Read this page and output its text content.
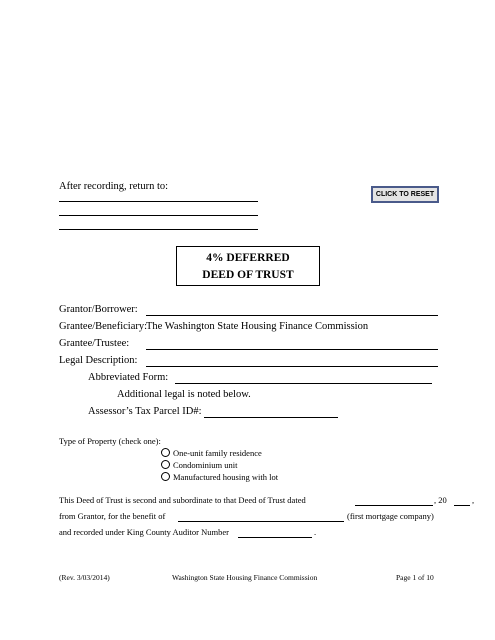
After recording, return to:
CLICK TO RESET
4% DEFERRED
DEED OF TRUST
Grantor/Borrower:
Grantee/Beneficiary:
The Washington State Housing Finance Commission
Grantee/Trustee:
Legal Description:
Abbreviated Form:
Additional legal is noted below.
Assessor’s Tax Parcel ID#:
Type of Property (check one):
One-unit family residence
Condominium unit
Manufactured housing with lot
This Deed of Trust is second and subordinate to that Deed of Trust dated	, 20	,
from Grantor, for the benefit of	(first mortgage company)
and recorded under King County Auditor Number	.
(Rev. 3/03/2014)	Washington State Housing Finance Commission	Page 1 of 10
